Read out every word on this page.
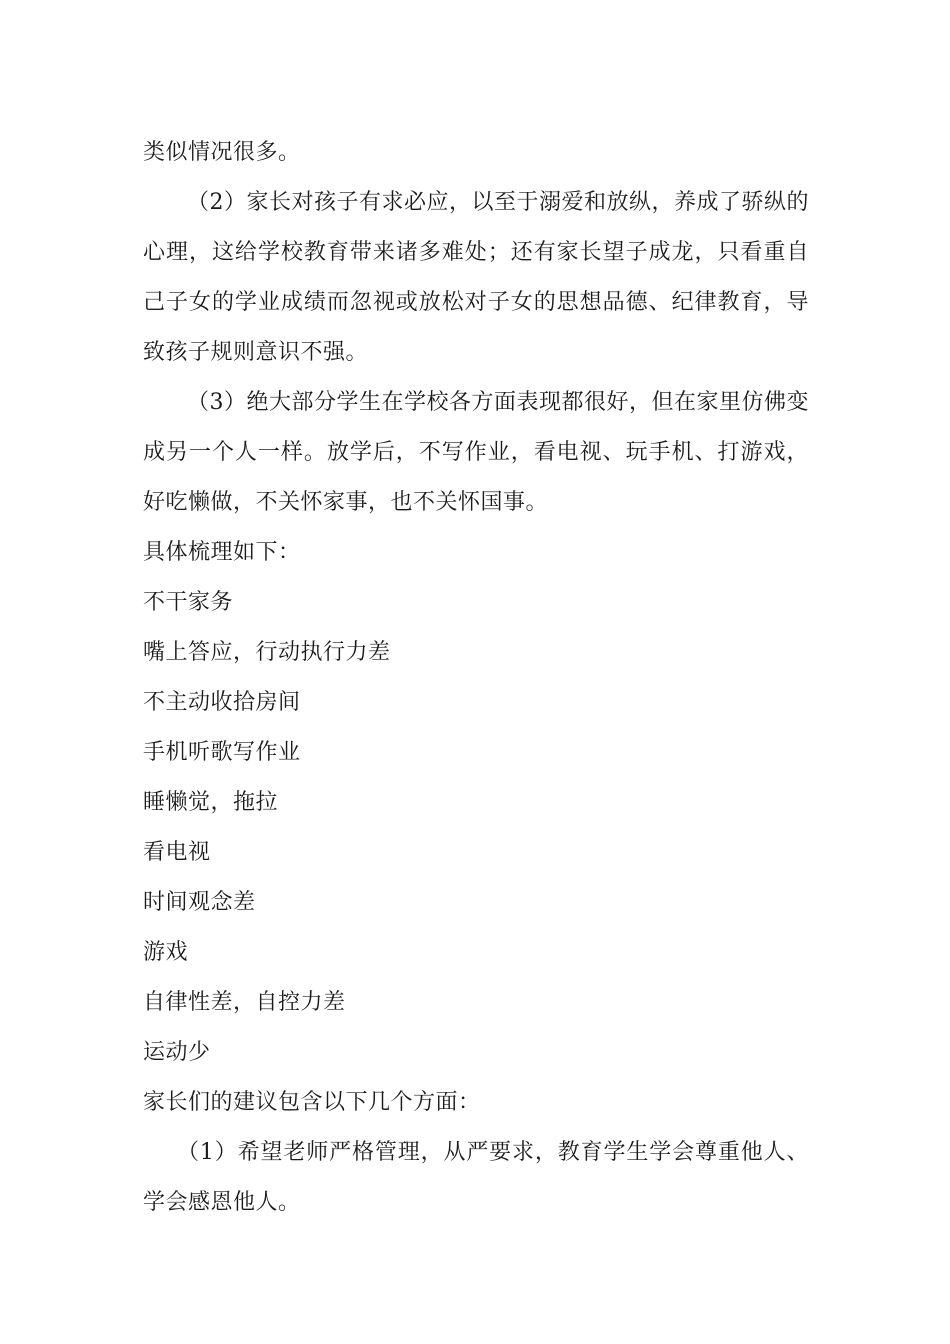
类似情况很多。

（2）家长对孩子有求必应，以至于溺爱和放纵，养成了骄纵的心理，这给学校教育带来诸多难处；还有家长望子成龙，只看重自己子女的学业成绩而忽视或放松对子女的思想品德、纪律教育，导致孩子规则意识不强。

（3）绝大部分学生在学校各方面表现都很好，但在家里仿佛变成另一个人一样。放学后，不写作业，看电视、玩手机、打游戏，好吃懒做，不关怀家事，也不关怀国事。

具体梳理如下：

不干家务

嘴上答应，行动执行力差

不主动收拾房间

手机听歌写作业

睡懒觉，拖拉

看电视

时间观念差

游戏

自律性差，自控力差

运动少

家长们的建议包含以下几个方面：

（1）希望老师严格管理，从严要求，教育学生学会尊重他人、学会感恩他人。
